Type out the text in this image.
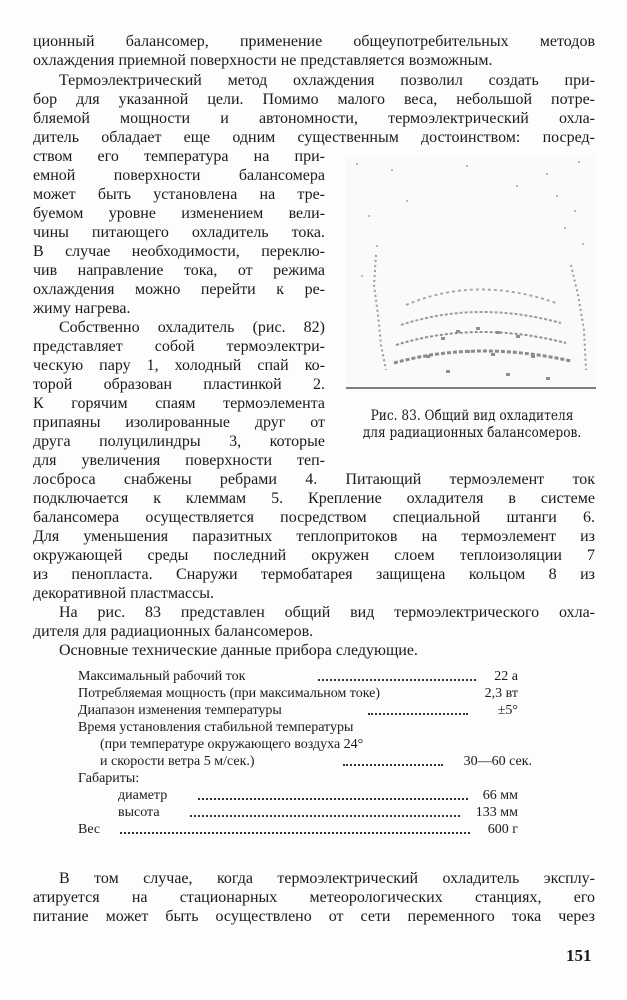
ционный балансомер, применение общеупотребительных методов

охлаждения приемной поверхности не представляется возможным.

Термоэлектрический метод охлаждения позволил создать при-

бор для указанной цели. Помимо малого веса, небольшой потре-

бляемой мощности и автономности, термоэлектрический охла-

дитель обладает еще одним существенным достоинством: посред-

ством его температура на при-

емной поверхности балансомера

может быть установлена на тре-

буемом уровне изменением вели-

чины питающего охладитель тока.

В случае необходимости, переклю-

чив направление тока, от режима

охлаждения можно перейти к ре-

жиму нагрева.

Собственно охладитель (рис. 82)

представляет собой термоэлектри-

ческую пару 1, холодный спай ко-

торой образован пластинкой 2.

К горячим спаям термоэлемента

припаяны изолированные друг от

друга полуцилиндры 3, которые

для увеличения поверхности теп-

лосброса снабжены ребрами 4. Питающий термоэлемент ток

подключается к клеммам 5. Крепление охладителя в системе

балансомера осуществляется посредством специальной штанги 6.

Для уменьшения паразитных теплопритоков на термоэлемент из

окружающей среды последний окружен слоем теплоизоляции 7

из пенопласта. Снаружи термобатарея защищена кольцом 8 из

декоративной пластмассы.

На рис. 83 представлен общий вид термоэлектрического охла-

дителя для радиационных балансомеров.

Основные технические данные прибора следующие.

Рис. 83. Общий вид охладителя

для радиационных балансомеров.

Максимальный рабочий ток	22 а
Потребляемая мощность (при максимальном токе)	2,3 вт
Диапазон изменения температуры	±5°
Время установления стабильной температуры
(при температуре окружающего воздуха 24°
и скорости ветра 5 м/сек.)	30—60 сек.
Габариты:
диаметр	66 мм
высота	133 мм
Вес	600 г

В том случае, когда термоэлектрический охладитель эксплу-

атируется на стационарных метеорологических станциях, его

питание может быть осуществлено от сети переменного тока через

151
